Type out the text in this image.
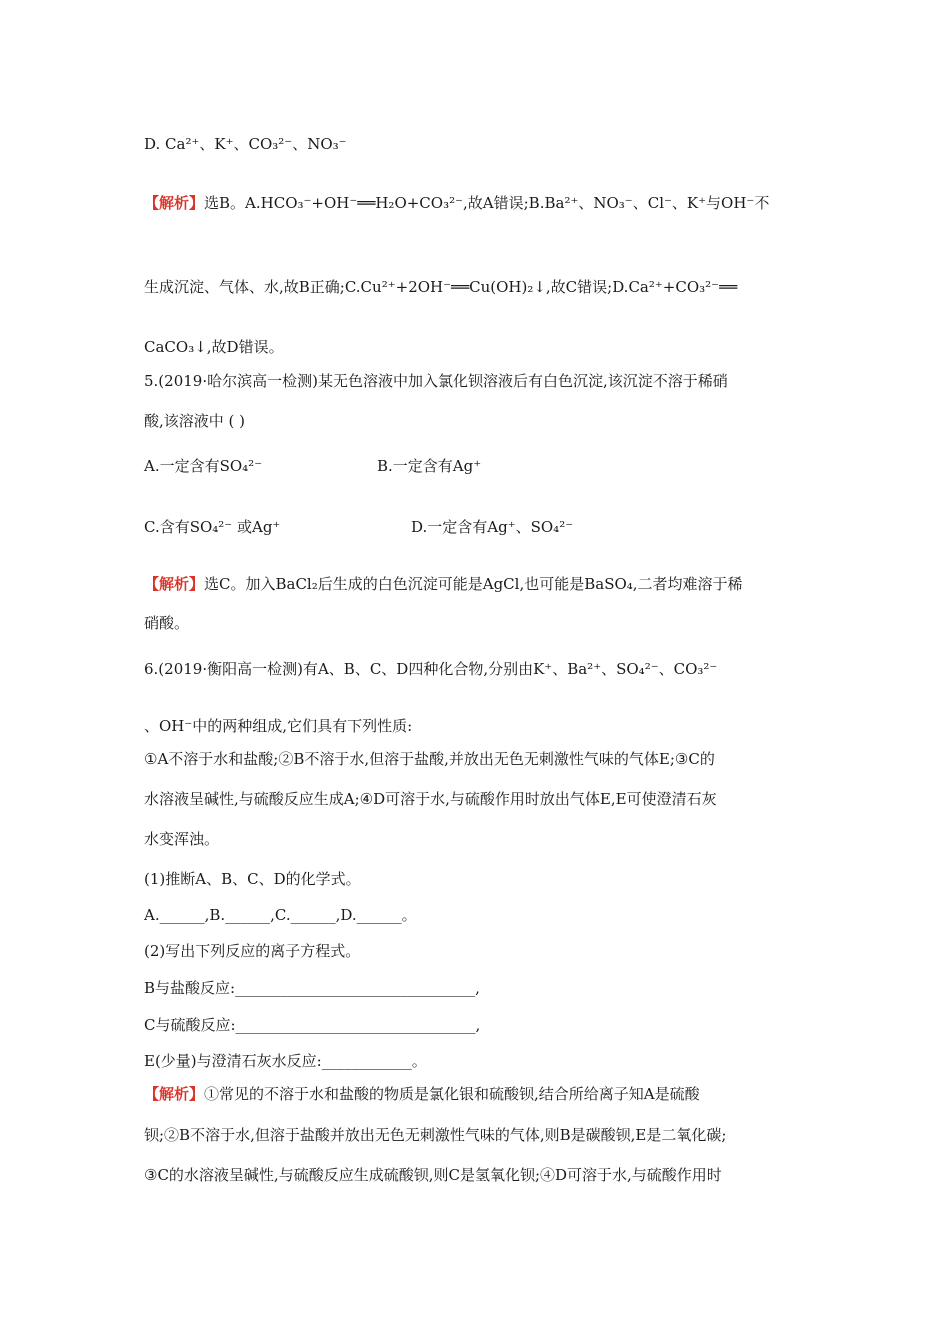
D. Ca²⁺、K⁺、CO₃²⁻、NO₃⁻
【解析】选B。A.HCO₃⁻+OH⁻══H₂O+CO₃²⁻,故A错误;B.Ba²⁺、NO₃⁻、Cl⁻、K⁺与OH⁻不
生成沉淀、气体、水,故B正确;C.Cu²⁺+2OH⁻══Cu(OH)₂↓,故C错误;D.Ca²⁺+CO₃²⁻══
CaCO₃↓,故D错误。
5.(2019·哈尔滨高一检测)某无色溶液中加入氯化钡溶液后有白色沉淀,该沉淀不溶于稀硝
酸,该溶液中 ( )
A.一定含有SO₄²⁻	B.一定含有Ag⁺
C.含有SO₄²⁻ 或Ag⁺	D.一定含有Ag⁺、SO₄²⁻
【解析】选C。加入BaCl₂后生成的白色沉淀可能是AgCl,也可能是BaSO₄,二者均难溶于稀
硝酸。
6.(2019·衡阳高一检测)有A、B、C、D四种化合物,分别由K⁺、Ba²⁺、SO₄²⁻、CO₃²⁻
、OH⁻中的两种组成,它们具有下列性质:
①A不溶于水和盐酸;②B不溶于水,但溶于盐酸,并放出无色无刺激性气味的气体E;③C的
水溶液呈碱性,与硫酸反应生成A;④D可溶于水,与硫酸作用时放出气体E,E可使澄清石灰
水变浑浊。
(1)推断A、B、C、D的化学式。
A.______,B.______,C.______,D.______。
(2)写出下列反应的离子方程式。
B与盐酸反应:________________________________,
C与硫酸反应:________________________________,
E(少量)与澄清石灰水反应:____________。
【解析】①常见的不溶于水和盐酸的物质是氯化银和硫酸钡,结合所给离子知A是硫酸
钡;②B不溶于水,但溶于盐酸并放出无色无刺激性气味的气体,则B是碳酸钡,E是二氧化碳;
③C的水溶液呈碱性,与硫酸反应生成硫酸钡,则C是氢氧化钡;④D可溶于水,与硫酸作用时
